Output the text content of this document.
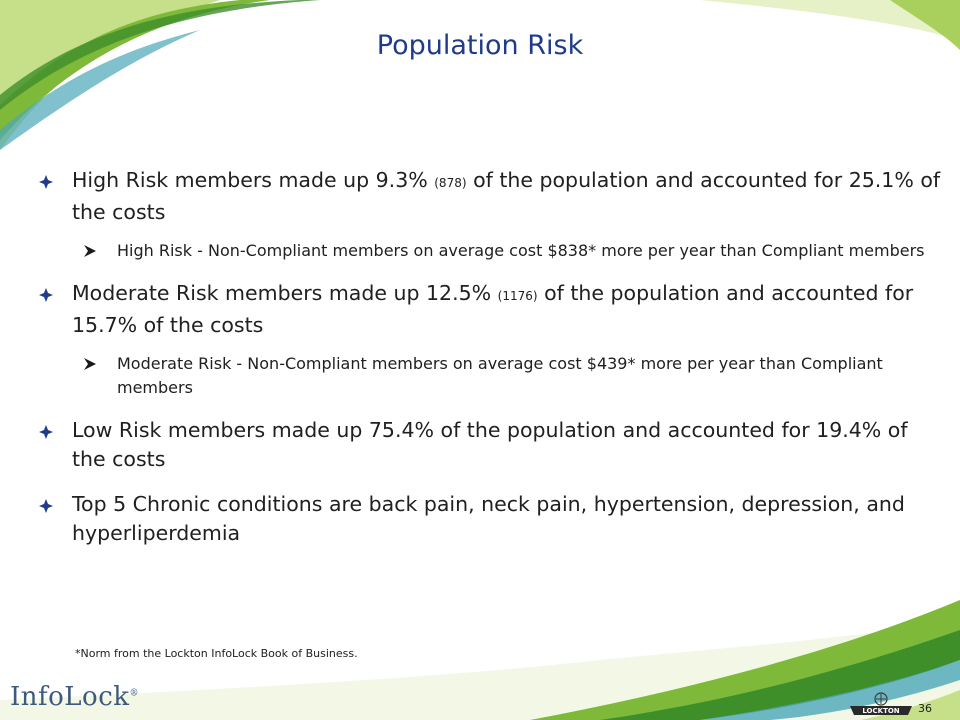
Population Risk
High Risk members made up 9.3% (878) of the population and accounted for 25.1% of the costs
High Risk - Non-Compliant members on average cost $838* more per year than Compliant members
Moderate Risk members made up 12.5% (1176) of the population and accounted for 15.7% of the costs
Moderate Risk - Non-Compliant members on average cost $439* more per year than Compliant members
Low Risk members made up 75.4% of the population and accounted for 19.4% of the costs
Top 5 Chronic conditions are back pain, neck pain, hypertension, depression, and hyperliperdemia
*Norm from the Lockton InfoLock Book of Business.
InfoLock®
LOCKTON 36
